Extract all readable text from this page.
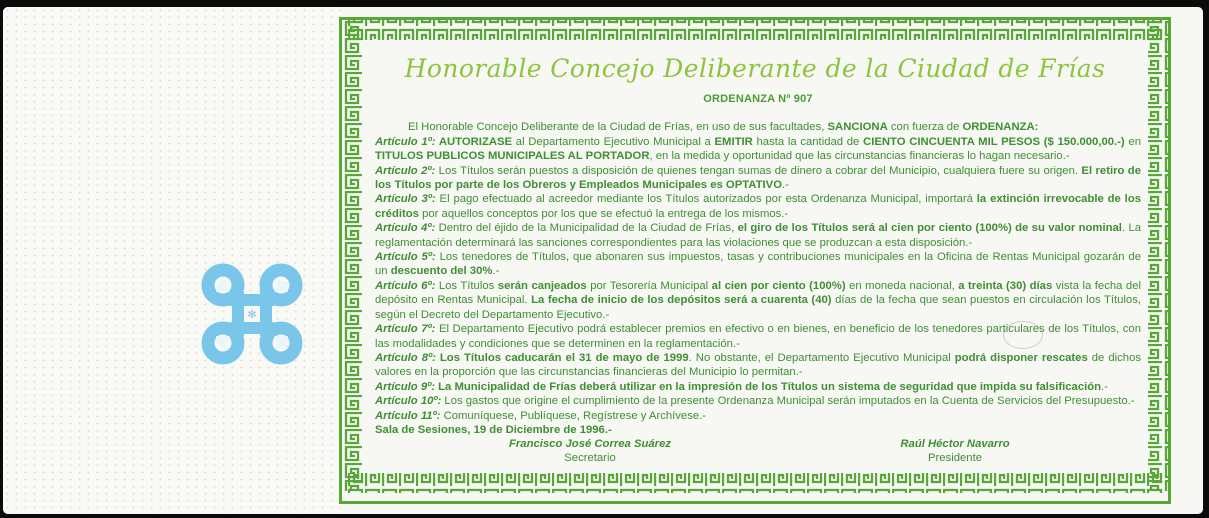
✻
Honorable Concejo Deliberante de la Ciudad de Frías
ORDENANZA Nº 907

El Honorable Concejo Deliberante de la Ciudad de Frías, en uso de sus facultades, SANCIONA con fuerza de ORDENANZA:

Artículo 1º: AUTORIZASE al Departamento Ejecutivo Municipal a EMITIR hasta la cantidad de CIENTO CINCUENTA MIL PESOS ($ 150.000,00.-) en TITULOS PUBLICOS MUNICIPALES AL PORTADOR, en la medida y oportunidad que las circunstancias financieras lo hagan necesario.-

Artículo 2º: Los Títulos serán puestos a disposición de quienes tengan sumas de dinero a cobrar del Municipio, cualquiera fuere su origen. El retiro de los Títulos por parte de los Obreros y Empleados Municipales es OPTATIVO.-

Artículo 3º: El pago efectuado al acreedor mediante los Títulos autorizados por esta Ordenanza Municipal, importará la extinción irrevocable de los créditos por aquellos conceptos por los que se efectuó la entrega de los mismos.-

Artículo 4º: Dentro del éjido de la Municipalidad de la Ciudad de Frías, el giro de los Títulos será al cien por ciento (100%) de su valor nominal. La reglamentación determinará las sanciones correspondientes para las violaciones que se produzcan a esta disposición.-

Artículo 5º: Los tenedores de Títulos, que abonaren sus impuestos, tasas y contribuciones municipales en la Oficina de Rentas Municipal gozarán de un descuento del 30%.-

Artículo 6º: Los Títulos serán canjeados por Tesorería Municipal al cien por ciento (100%) en moneda nacional, a treinta (30) días vista la fecha del depósito en Rentas Municipal. La fecha de inicio de los depósitos será a cuarenta (40) días de la fecha que sean puestos en circulación los Títulos, según el Decreto del Departamento Ejecutivo.-

Artículo 7º: El Departamento Ejecutivo podrá establecer premios en efectivo o en bienes, en beneficio de los tenedores particulares de los Títulos, con las modalidades y condiciones que se determinen en la reglamentación.-

Artículo 8º: Los Títulos caducarán el 31 de mayo de 1999. No obstante, el Departamento Ejecutivo Municipal podrá disponer rescates de dichos valores en la proporción que las circunstancias financieras del Municipio lo permitan.-

Artículo 9º: La Municipalidad de Frías deberá utilizar en la impresión de los Títulos un sistema de seguridad que impida su falsificación.-

Artículo 10º: Los gastos que origine el cumplimiento de la presente Ordenanza Municipal serán imputados en la Cuenta de Servicios del Presupuesto.-

Artículo 11º: Comuníquese, Publíquese, Regístrese y Archívese.-

Sala de Sesiones, 19 de Diciembre de 1996.-

Francisco José Correa Suárez
Secretario
Raúl Héctor Navarro
Presidente
